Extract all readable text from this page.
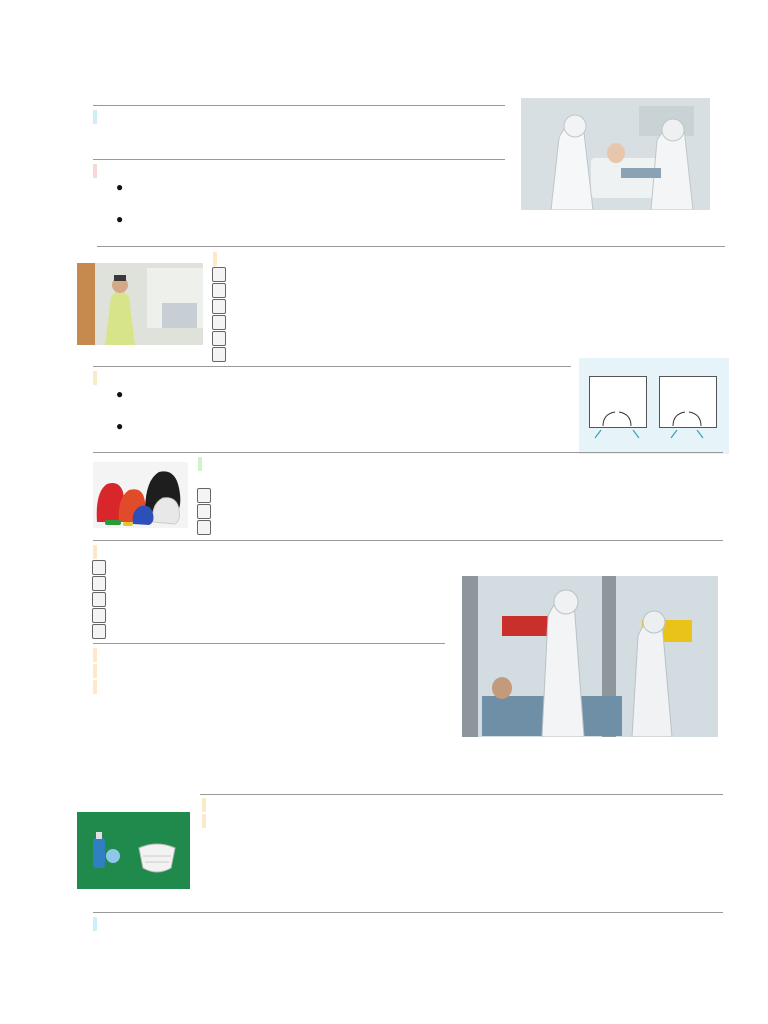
●
●
●
●
